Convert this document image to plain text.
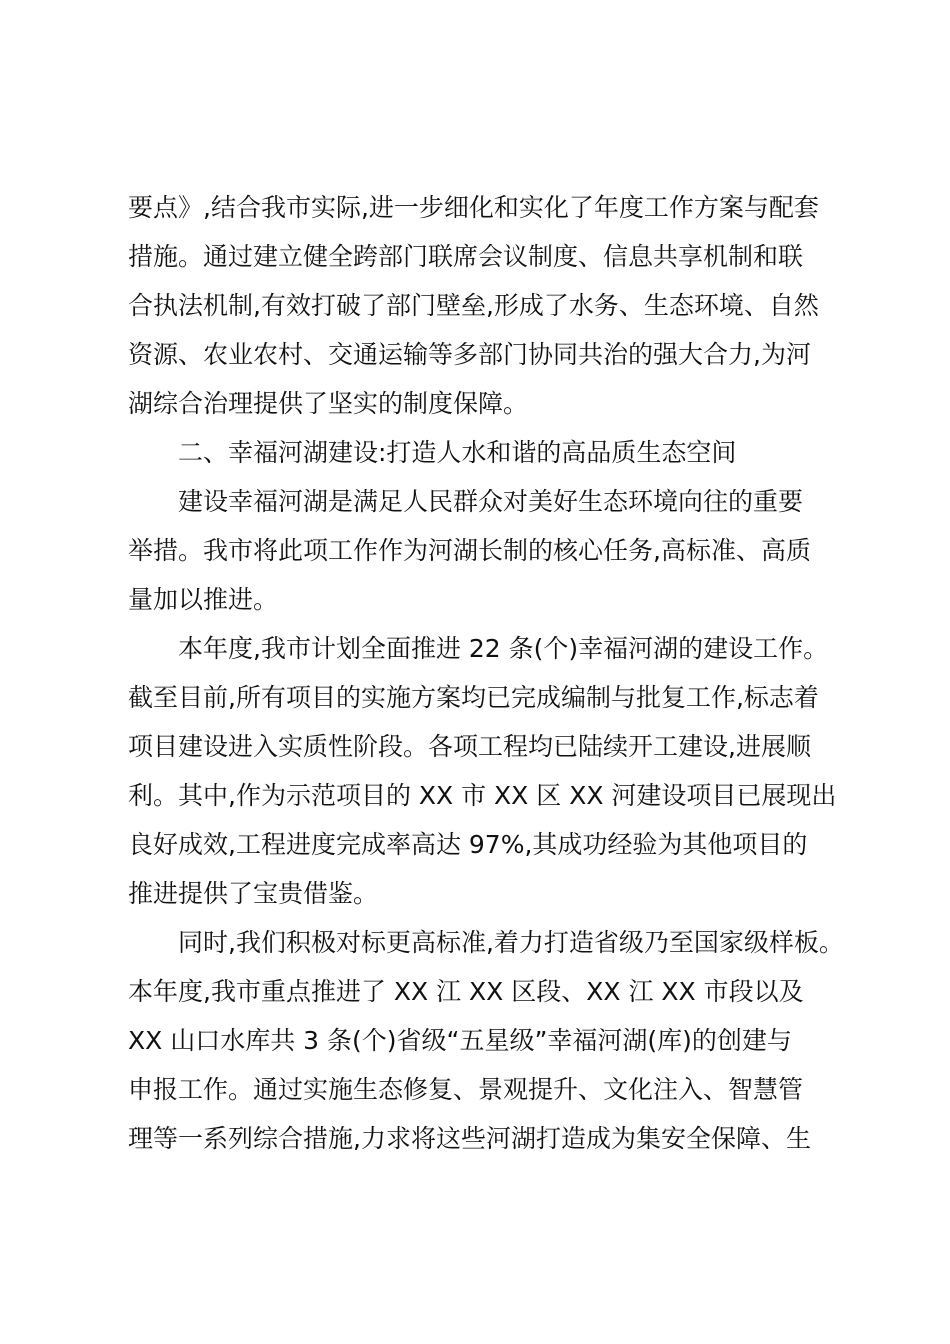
要点》,结合我市实际,进一步细化和实化了年度工作方案与配套
措施。通过建立健全跨部门联席会议制度、信息共享机制和联
合执法机制,有效打破了部门壁垒,形成了水务、生态环境、自然
资源、农业农村、交通运输等多部门协同共治的强大合力,为河
湖综合治理提供了坚实的制度保障。
二、幸福河湖建设:打造人水和谐的高品质生态空间
建设幸福河湖是满足人民群众对美好生态环境向往的重要
举措。我市将此项工作作为河湖长制的核心任务,高标准、高质
量加以推进。
本年度,我市计划全面推进 22 条(个)幸福河湖的建设工作。
截至目前,所有项目的实施方案均已完成编制与批复工作,标志着
项目建设进入实质性阶段。各项工程均已陆续开工建设,进展顺
利。其中,作为示范项目的 XX 市 XX 区 XX 河建设项目已展现出
良好成效,工程进度完成率高达 97%,其成功经验为其他项目的
推进提供了宝贵借鉴。
同时,我们积极对标更高标准,着力打造省级乃至国家级样板。
本年度,我市重点推进了 XX 江 XX 区段、XX 江 XX 市段以及
XX 山口水库共 3 条(个)省级“五星级”幸福河湖(库)的创建与
申报工作。通过实施生态修复、景观提升、文化注入、智慧管
理等一系列综合措施,力求将这些河湖打造成为集安全保障、生
